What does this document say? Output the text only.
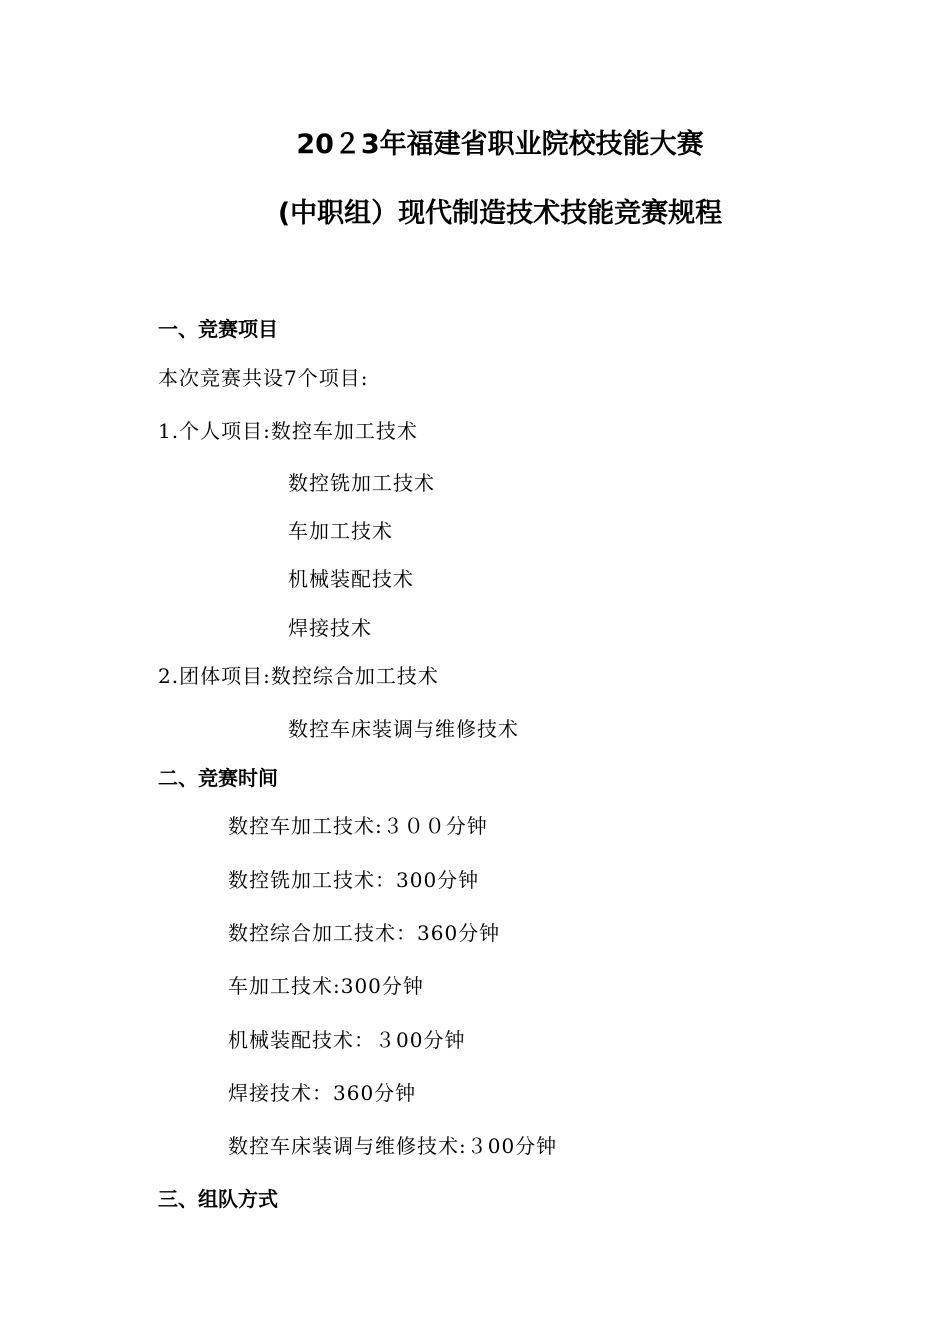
20２3年福建省职业院校技能大赛
(中职组）现代制造技术技能竞赛规程
一、竞赛项目
本次竞赛共设7个项目:
1.个人项目:数控车加工技术
数控铣加工技术
车加工技术
机械装配技术
焊接技术
2.团体项目:数控综合加工技术
数控车床装调与维修技术
二、竞赛时间
数控车加工技术:３００分钟
数控铣加工技术：300分钟
数控综合加工技术：360分钟
车加工技术:300分钟
机械装配技术：３00分钟
焊接技术：360分钟
数控车床装调与维修技术:３00分钟
三、组队方式
